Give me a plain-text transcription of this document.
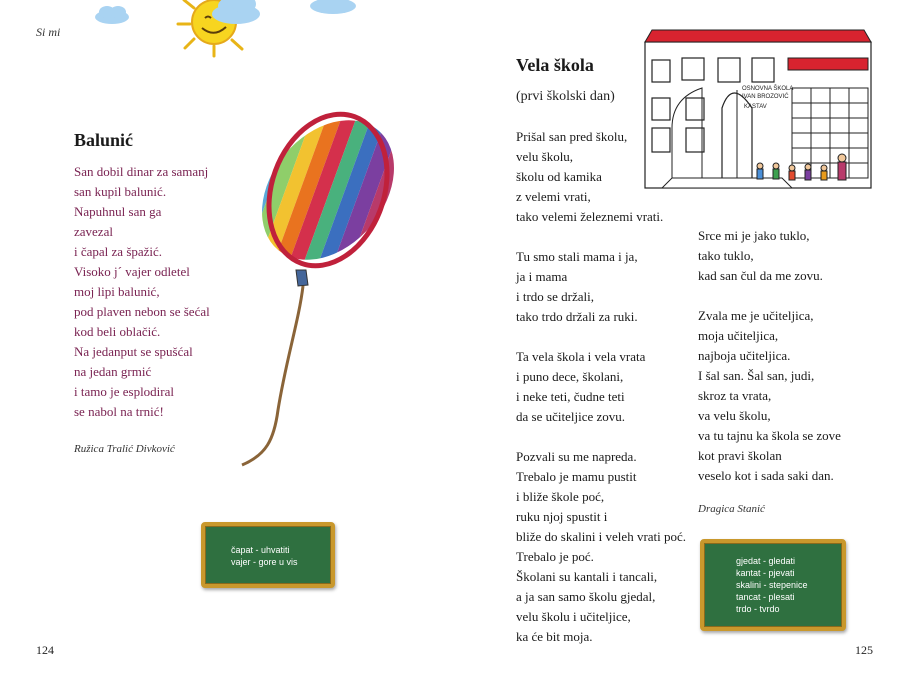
Si mi
Balunić
San dobil dinar za samanj
san kupil balunić.
Napuhnul san ga
zavezal
i čapal za špažić.
Visoko j´ vajer odletel
moj lipi balunić,
pod plaven nebon se šećal
kod beli oblačić.
Na jedanput se spušćal
na jedan grmić
i tamo je esplodiral
se nabol na trnić!
Ružica Tralić Divković
čapat - uhvatiti
vajer - gore u vis
124
Vela škola
(prvi školski dan)	OSNOVNA ŠKOLA
IVAN BROZOVIĆ
KASTAV
Prišal san pred školu,
velu školu,
školu od kamika
z velemi vrati,
tako velemi železnemi vrati.
Tu smo stali mama i ja,
ja i mama
i trdo se držali,
tako trdo držali za ruki.
Ta vela škola i vela vrata
i puno dece, školani,
i neke teti, čudne teti
da se učiteljice zovu.
Pozvali su me napreda.
Trebalo je mamu pustit
i bliže škole poć,
ruku njoj spustit i
bliže do skalini i veleh vrati poć.
Trebalo je poć.
Školani su kantali i tancali,
a ja san samo školu gjedal,
velu školu i učiteljice,
ka će bit moja.
Srce mi je jako tuklo,
tako tuklo,
kad san čul da me zovu.
Zvala me je učiteljica,
moja učiteljica,
najboja učiteljica.
I šal san. Šal san, judi,
skroz ta vrata,
va velu školu,
va tu tajnu ka škola se zove
kot pravi školan
veselo kot i sada saki dan.
Dragica Stanić
gjedat - gledati
kantat - pjevati
skalini - stepenice
tancat - plesati
trdo - tvrdo
125
